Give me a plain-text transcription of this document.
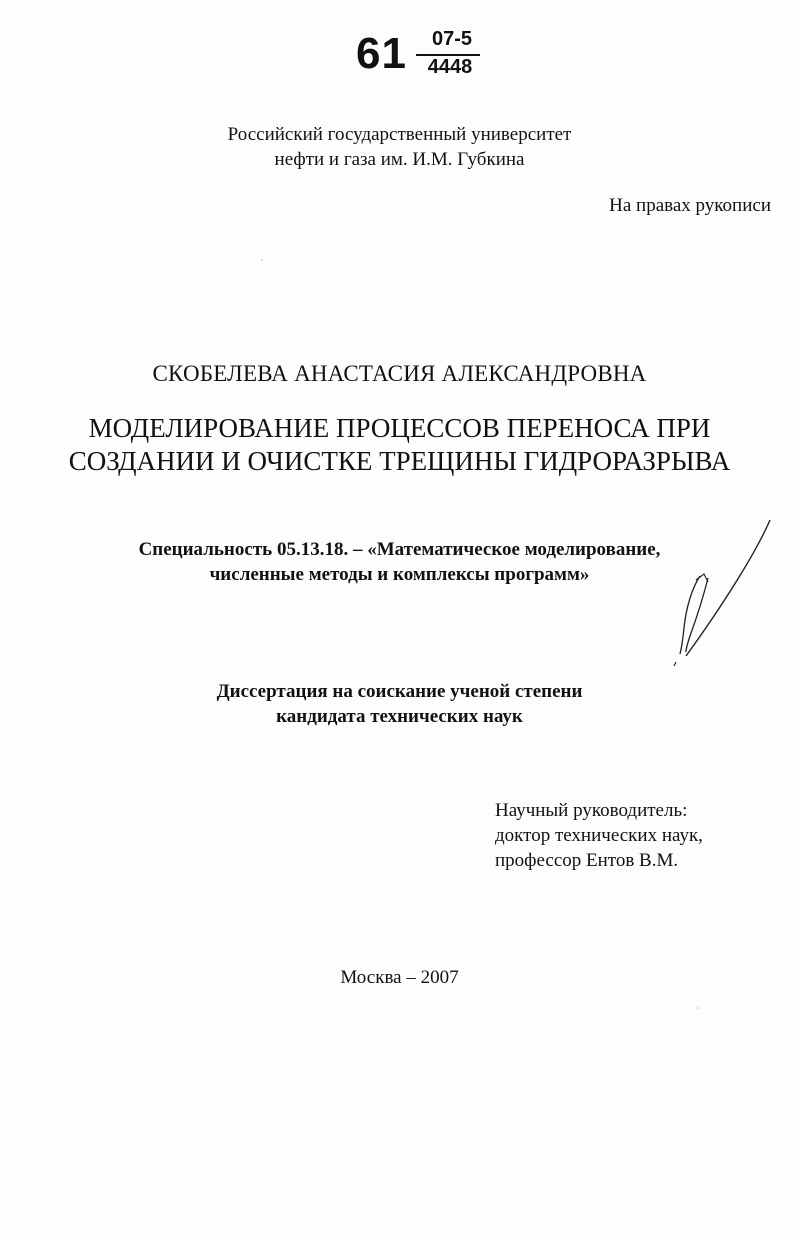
61	07-5
4448
Российский государственный университет
нефти и газа им. И.М. Губкина
На правах рукописи
СКОБЕЛЕВА АНАСТАСИЯ АЛЕКСАНДРОВНА
МОДЕЛИРОВАНИЕ ПРОЦЕССОВ ПЕРЕНОСА ПРИ
СОЗДАНИИ И ОЧИСТКЕ ТРЕЩИНЫ ГИДРОРАЗРЫВА
Специальность 05.13.18. – «Математическое моделирование,
численные методы и комплексы программ»
Диссертация на соискание ученой степени
кандидата технических наук
Научный руководитель:
доктор технических наук,
профессор Ентов В.М.
Москва – 2007
